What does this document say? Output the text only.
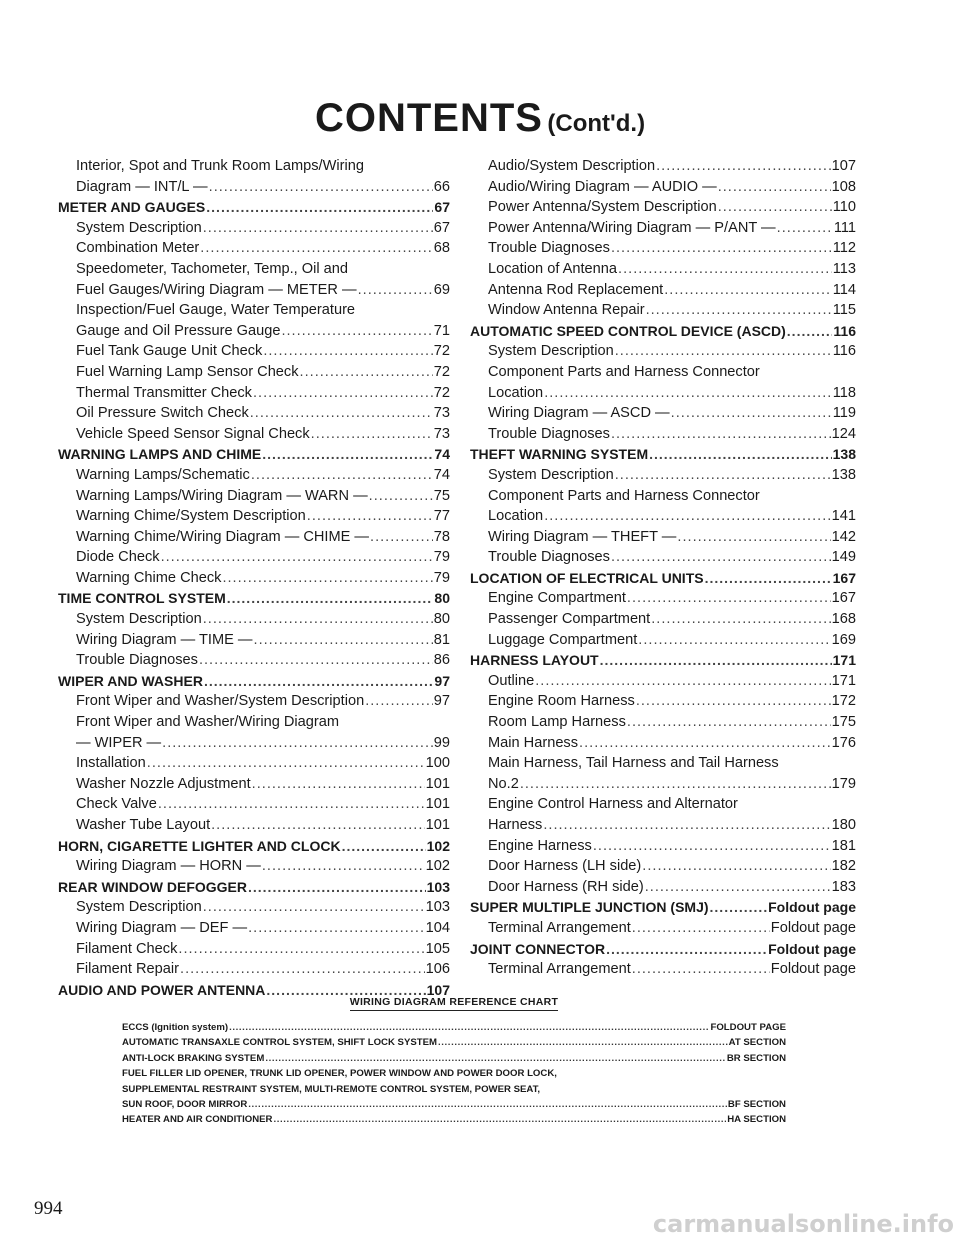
CONTENTS (Cont'd.)
Interior, Spot and Trunk Room Lamps/Wiring
Diagram — INT/L — .....	66
METER AND GAUGES .....	67
System Description .....	67
Combination Meter .....	68
Speedometer, Tachometer, Temp., Oil and
Fuel Gauges/Wiring Diagram — METER — .....	69
Inspection/Fuel Gauge, Water Temperature
Gauge and Oil Pressure Gauge .....	71
Fuel Tank Gauge Unit Check .....	72
Fuel Warning Lamp Sensor Check .....	72
Thermal Transmitter Check .....	72
Oil Pressure Switch Check .....	73
Vehicle Speed Sensor Signal Check .....	73
WARNING LAMPS AND CHIME .....	74
Warning Lamps/Schematic .....	74
Warning Lamps/Wiring Diagram — WARN — .....	75
Warning Chime/System Description .....	77
Warning Chime/Wiring Diagram — CHIME — .....	78
Diode Check .....	79
Warning Chime Check .....	79
TIME CONTROL SYSTEM .....	80
System Description .....	80
Wiring Diagram — TIME — .....	81
Trouble Diagnoses .....	86
WIPER AND WASHER .....	97
Front Wiper and Washer/System Description .....	97
Front Wiper and Washer/Wiring Diagram
— WIPER — .....	99
Installation .....	100
Washer Nozzle Adjustment .....	101
Check Valve .....	101
Washer Tube Layout .....	101
HORN, CIGARETTE LIGHTER AND CLOCK .....	102
Wiring Diagram — HORN — .....	102
REAR WINDOW DEFOGGER .....	103
System Description .....	103
Wiring Diagram — DEF — .....	104
Filament Check .....	105
Filament Repair .....	106
AUDIO AND POWER ANTENNA .....	107
Audio/System Description .....	107
Audio/Wiring Diagram — AUDIO — .....	108
Power Antenna/System Description .....	110
Power Antenna/Wiring Diagram — P/ANT — .....	111
Trouble Diagnoses .....	112
Location of Antenna .....	113
Antenna Rod Replacement .....	114
Window Antenna Repair .....	115
AUTOMATIC SPEED CONTROL DEVICE (ASCD) .....	116
System Description .....	116
Component Parts and Harness Connector
Location .....	118
Wiring Diagram — ASCD — .....	119
Trouble Diagnoses .....	124
THEFT WARNING SYSTEM .....	138
System Description .....	138
Component Parts and Harness Connector
Location .....	141
Wiring Diagram — THEFT — .....	142
Trouble Diagnoses .....	149
LOCATION OF ELECTRICAL UNITS .....	167
Engine Compartment .....	167
Passenger Compartment .....	168
Luggage Compartment .....	169
HARNESS LAYOUT .....	171
Outline .....	171
Engine Room Harness .....	172
Room Lamp Harness .....	175
Main Harness .....	176
Main Harness, Tail Harness and Tail Harness
No.2 .....	179
Engine Control Harness and Alternator
Harness .....	180
Engine Harness .....	181
Door Harness (LH side) .....	182
Door Harness (RH side) .....	183
SUPER MULTIPLE JUNCTION (SMJ) .....	Foldout page
Terminal Arrangement .....	Foldout page
JOINT CONNECTOR .....	Foldout page
Terminal Arrangement .....	Foldout page
WIRING DIAGRAM REFERENCE CHART
ECCS (Ignition system) .....	FOLDOUT PAGE
AUTOMATIC TRANSAXLE CONTROL SYSTEM, SHIFT LOCK SYSTEM .....	AT SECTION
ANTI-LOCK BRAKING SYSTEM .....	BR SECTION
FUEL FILLER LID OPENER, TRUNK LID OPENER, POWER WINDOW AND POWER DOOR LOCK,
SUPPLEMENTAL RESTRAINT SYSTEM, MULTI-REMOTE CONTROL SYSTEM, POWER SEAT,
SUN ROOF, DOOR MIRROR .....	BF SECTION
HEATER AND AIR CONDITIONER .....	HA SECTION
994
carmanualsonline.info
